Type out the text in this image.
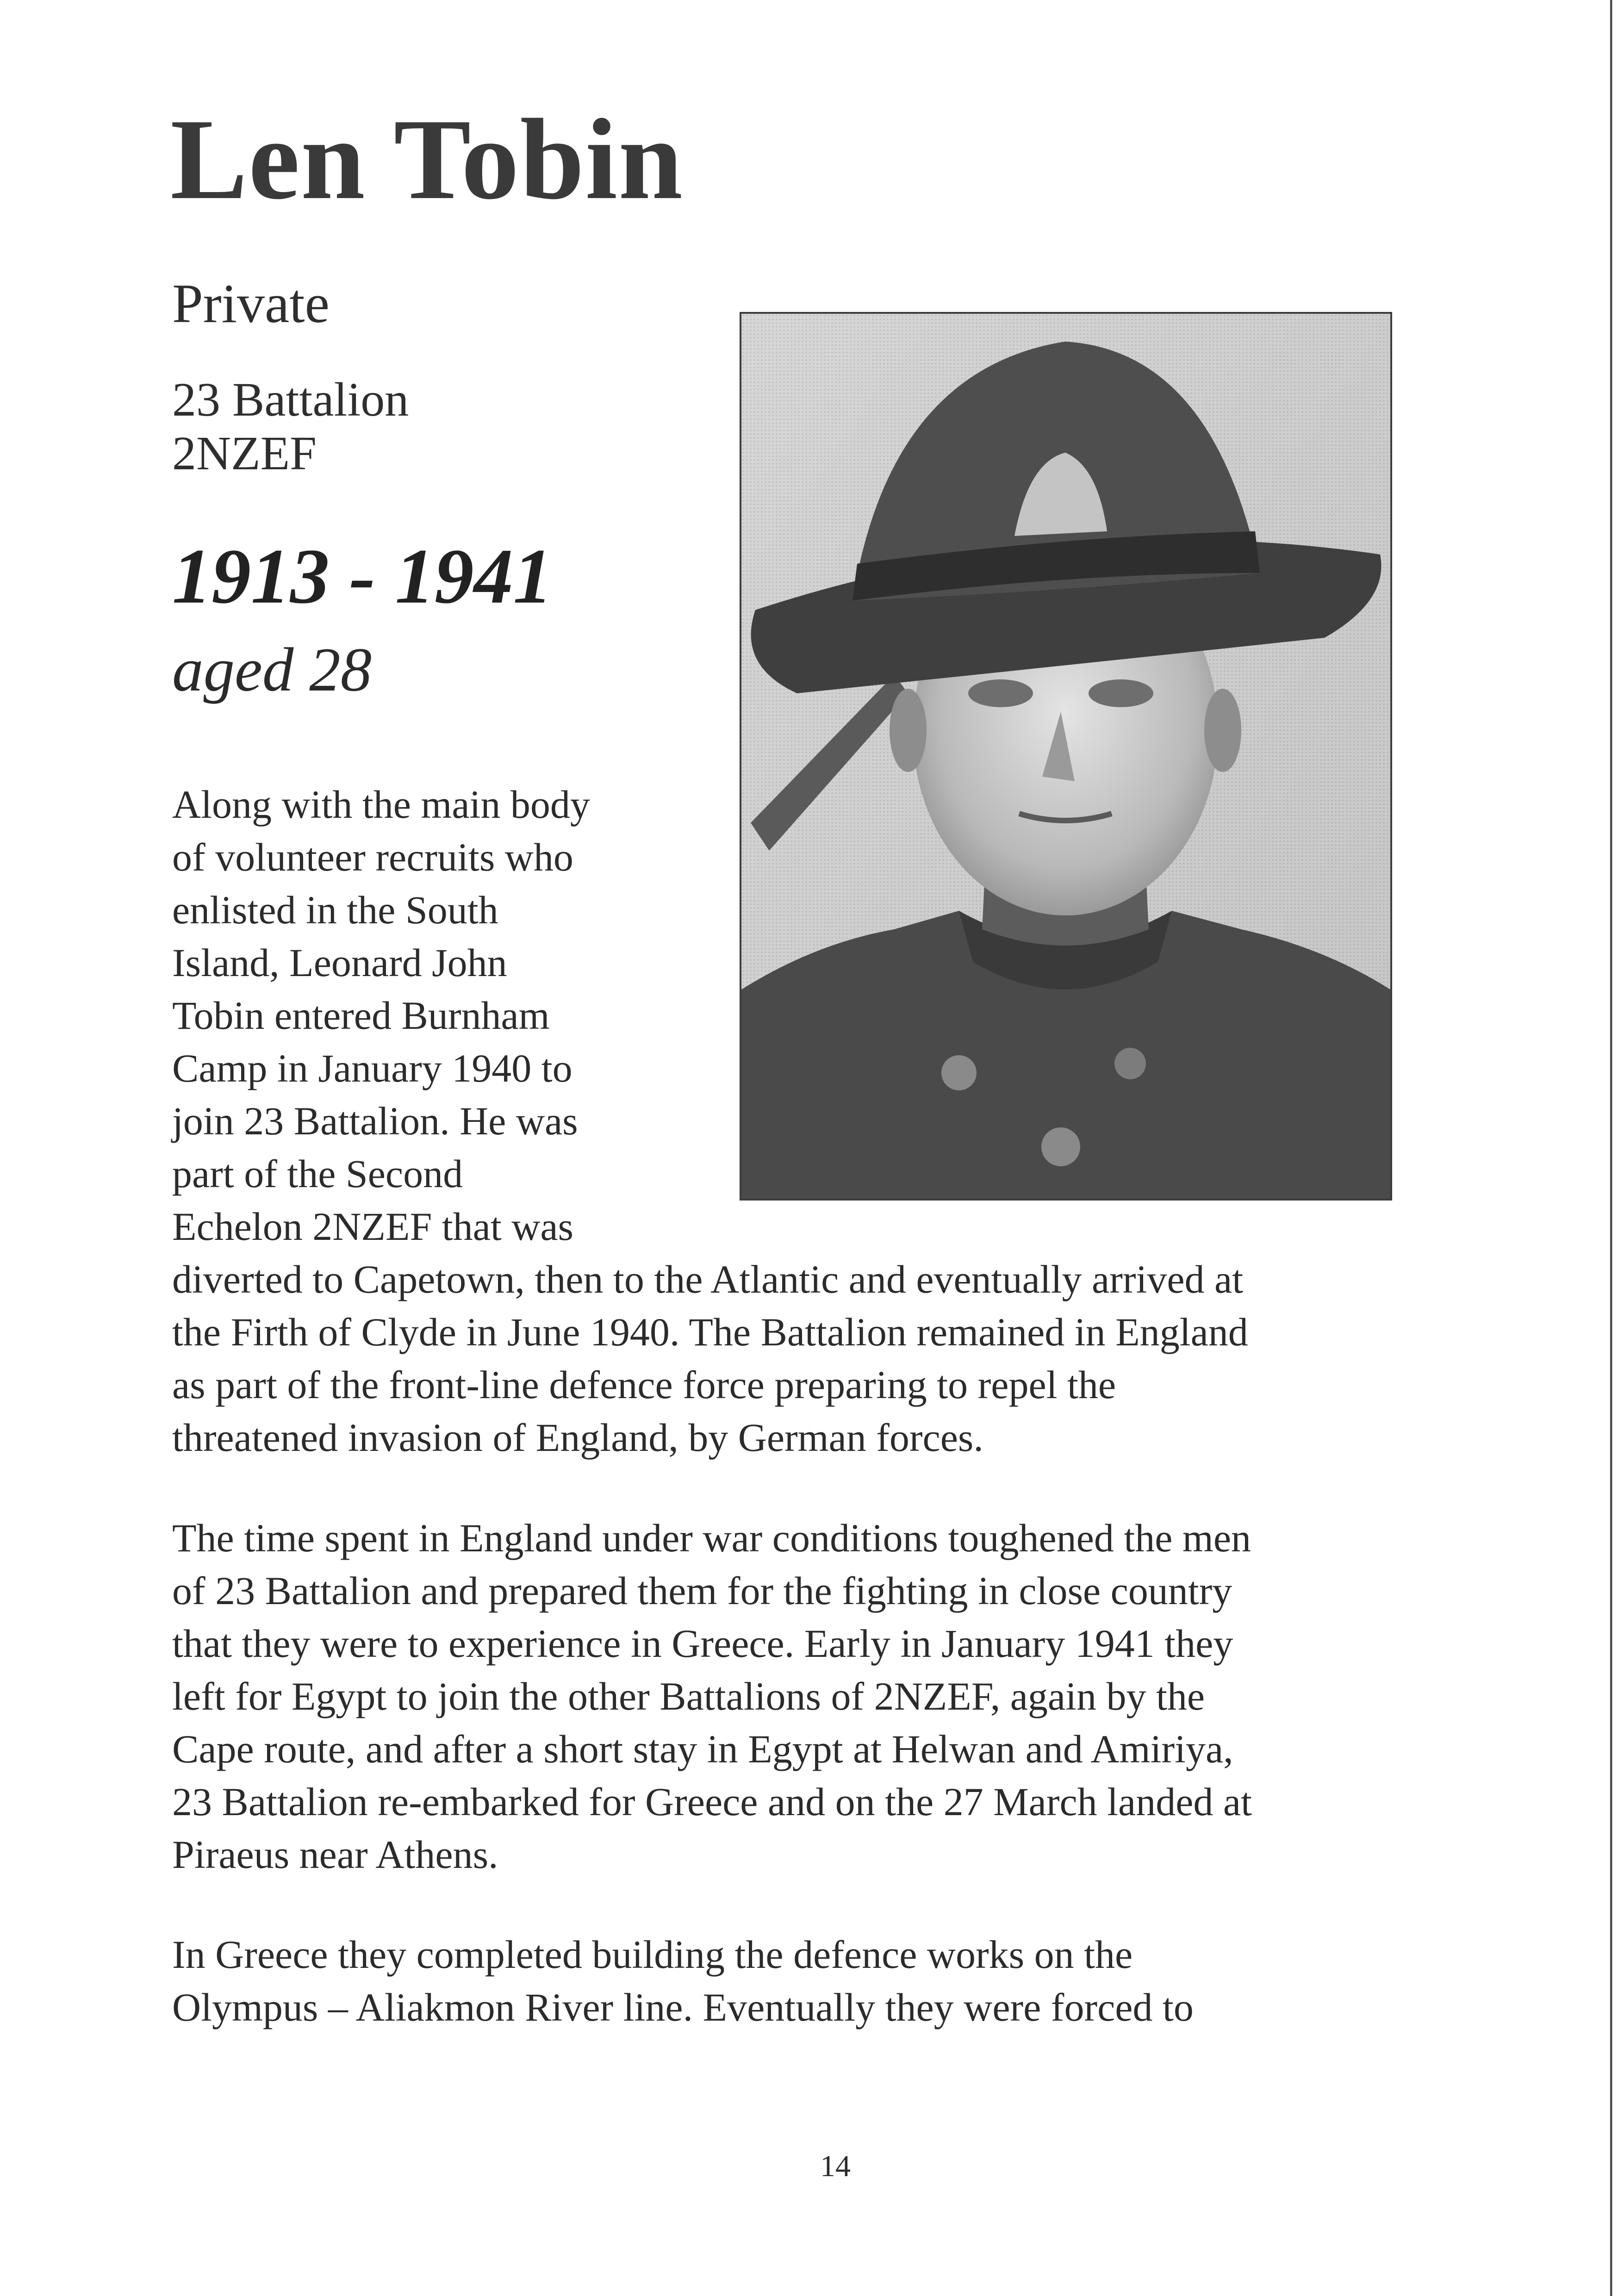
Len Tobin
Private
23 Battalion
2NZEF
1913 - 1941
aged 28
Along with the main body
of volunteer recruits who
enlisted in the South
Island, Leonard John
Tobin entered Burnham
Camp in January 1940 to
join 23 Battalion. He was
part of the Second
Echelon 2NZEF that was
diverted to Capetown, then to the Atlantic and eventually arrived at
the Firth of Clyde in June 1940. The Battalion remained in England
as part of the front-line defence force preparing to repel the
threatened invasion of England, by German forces.
The time spent in England under war conditions toughened the men
of 23 Battalion and prepared them for the fighting in close country
that they were to experience in Greece. Early in January 1941 they
left for Egypt to join the other Battalions of 2NZEF, again by the
Cape route, and after a short stay in Egypt at Helwan and Amiriya,
23 Battalion re-embarked for Greece and on the 27 March landed at
Piraeus near Athens.
In Greece they completed building the defence works on the
Olympus – Aliakmon River line. Eventually they were forced to
14
